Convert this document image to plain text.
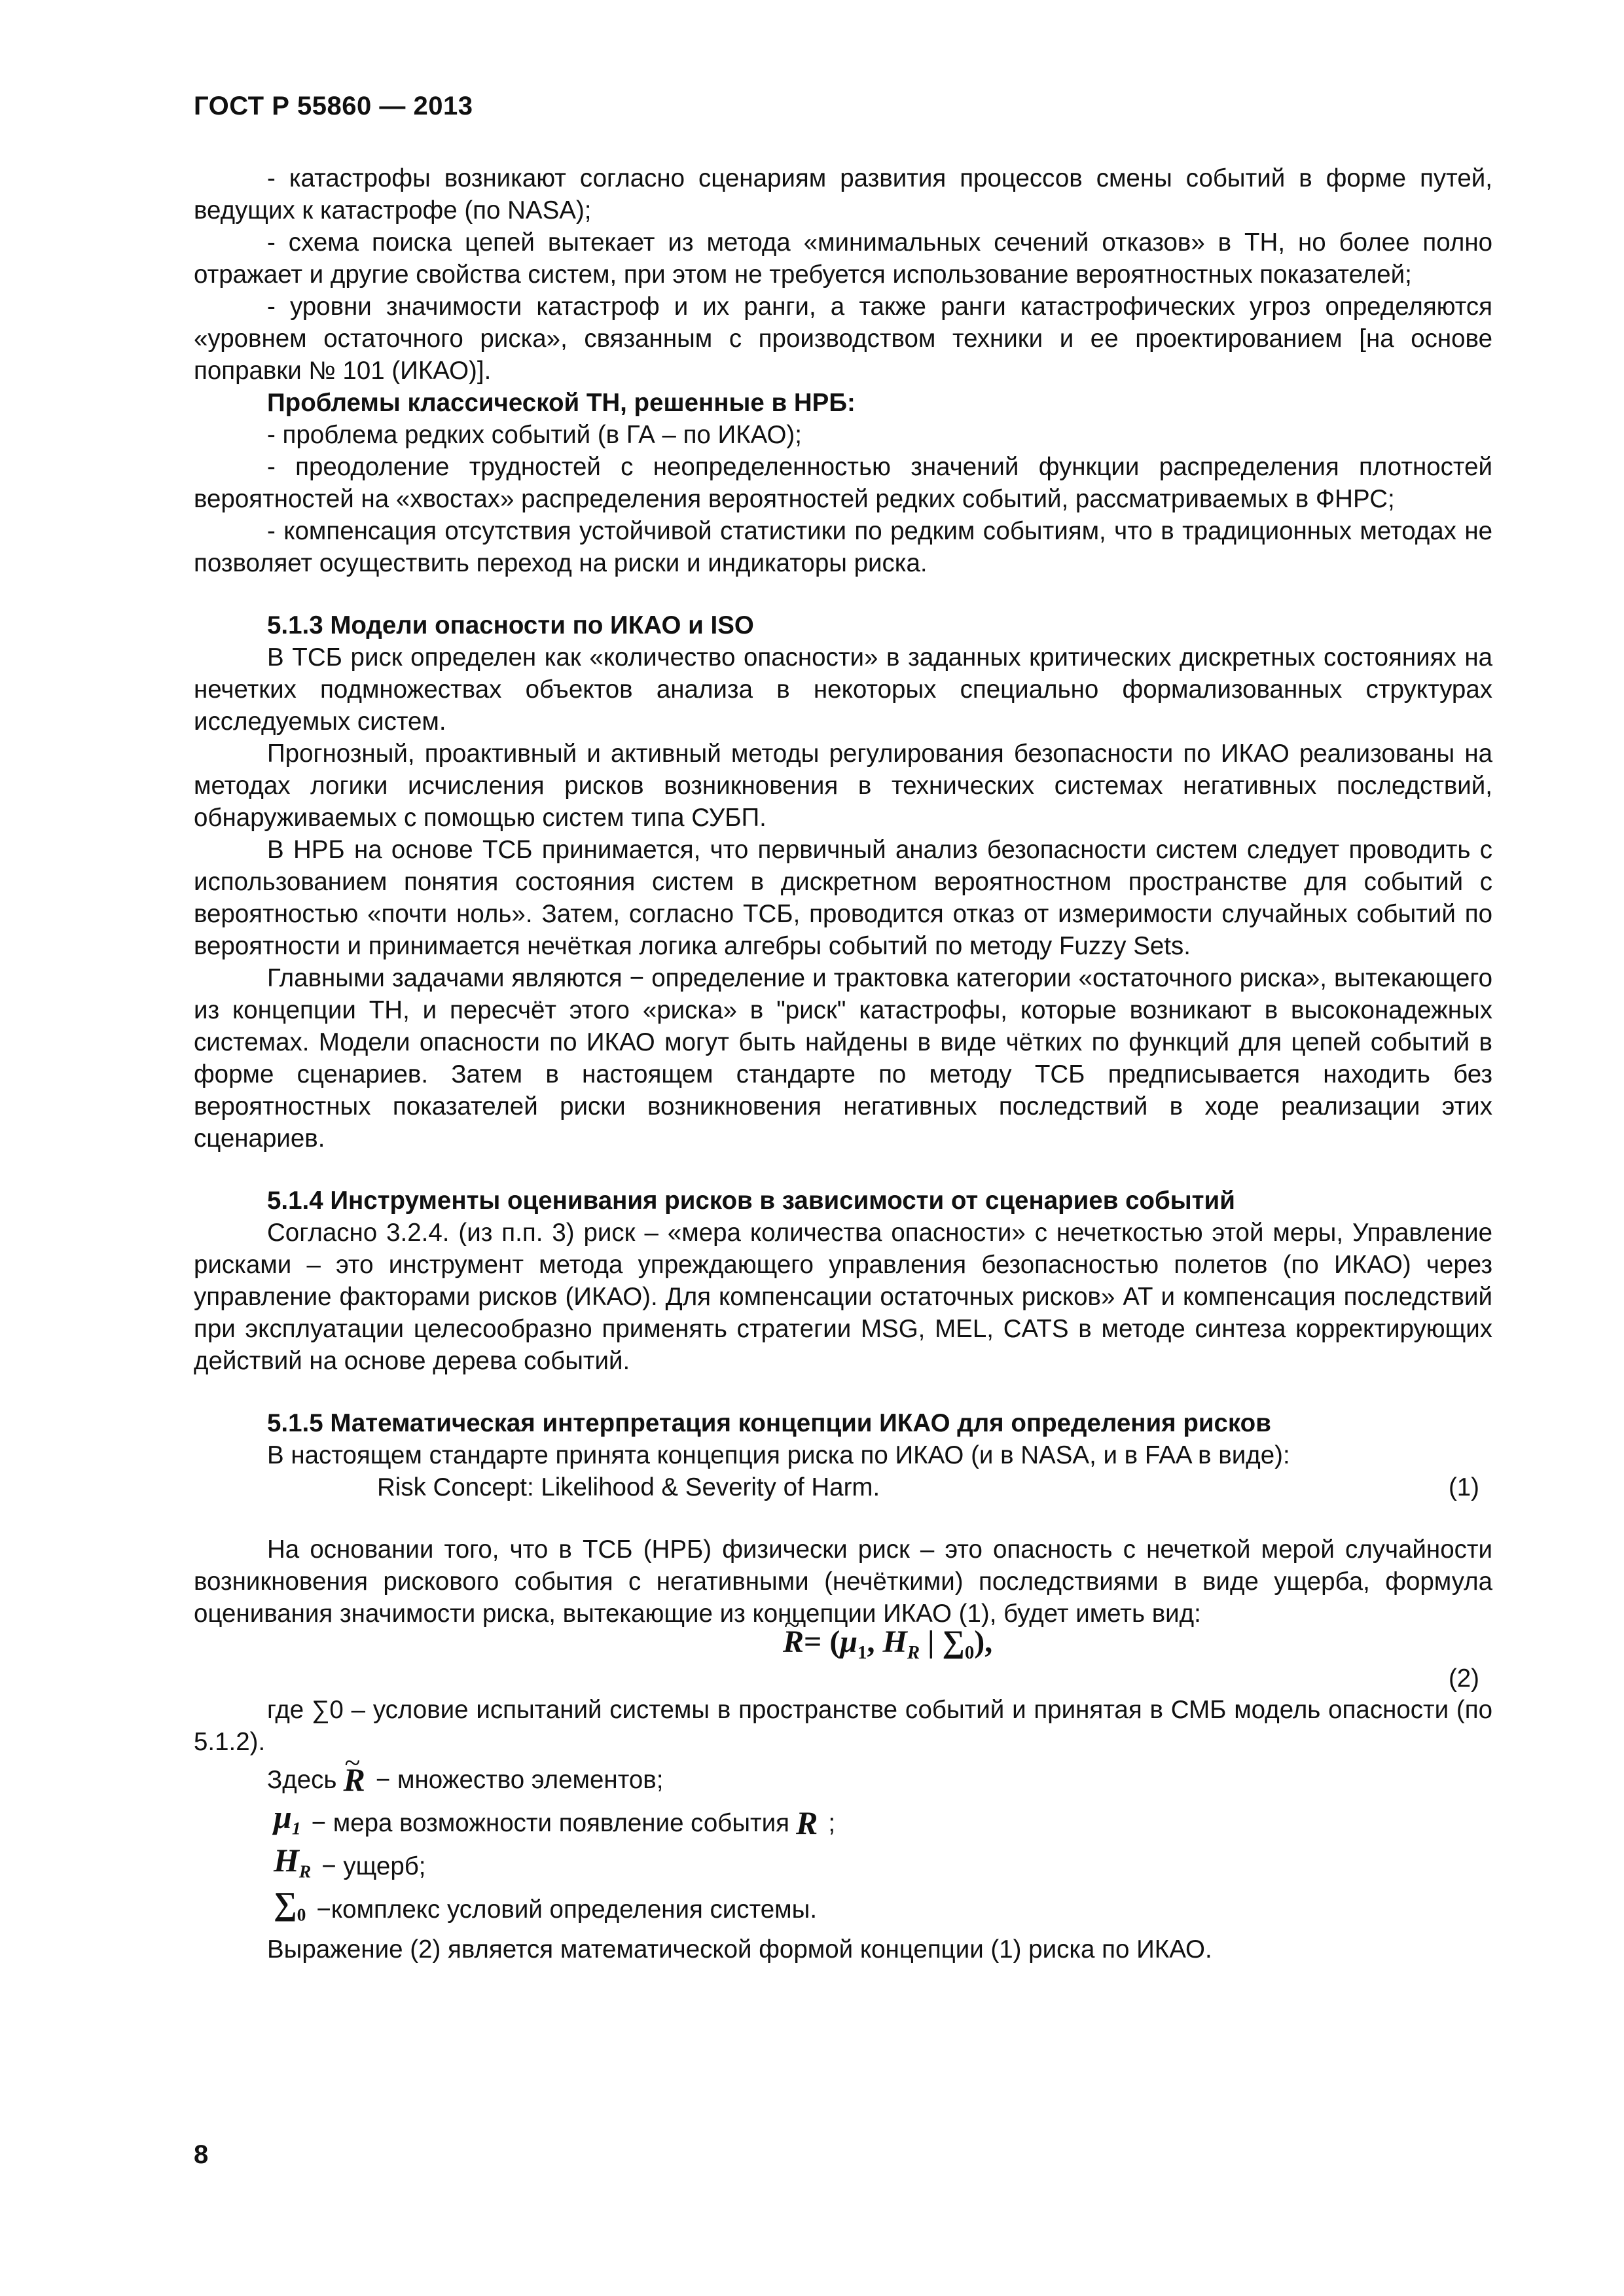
ГОСТ Р 55860 — 2013

- катастрофы возникают согласно сценариям развития процессов смены событий в форме путей, ведущих к катастрофе (по NASA);

- схема поиска цепей вытекает из метода «минимальных сечений отказов» в ТН, но более полно отражает и другие свойства систем, при этом не требуется использование вероятностных показателей;

- уровни значимости катастроф и их ранги, а также ранги катастрофических угроз определяются «уровнем остаточного риска», связанным с производством техники и ее проектированием [на основе поправки № 101 (ИКАО)].

Проблемы классической ТН, решенные в НРБ:

- проблема редких событий (в ГА – по ИКАО);

- преодоление трудностей с неопределенностью значений функции распределения плотностей вероятностей на «хвостах» распределения вероятностей редких событий, рассматриваемых в ФНРС;

- компенсация отсутствия устойчивой статистики по редким событиям, что в традиционных методах не позволяет осуществить переход на риски и индикаторы риска.

5.1.3 Модели опасности по ИКАО и ISO

В ТСБ риск определен как «количество опасности» в заданных критических дискретных состояниях на нечетких подмножествах объектов анализа в некоторых специально формализованных структурах исследуемых систем.

Прогнозный, проактивный и активный методы регулирования безопасности по ИКАО реализованы на методах логики исчисления рисков возникновения в технических системах негативных последствий, обнаруживаемых с помощью систем типа СУБП.

В НРБ на основе ТСБ принимается, что первичный анализ безопасности систем следует проводить с использованием понятия состояния систем в дискретном вероятностном пространстве для событий с вероятностью «почти ноль». Затем, согласно ТСБ, проводится отказ от измеримости случайных событий по вероятности и принимается нечёткая логика алгебры событий по методу Fuzzy Sets.

Главными задачами являются − определение и трактовка категории «остаточного риска», вытекающего из концепции ТН, и пересчёт этого «риска» в "риск" катастрофы, которые возникают в высоконадежных системах. Модели опасности по ИКАО могут быть найдены в виде чётких по функций для цепей событий в форме сценариев. Затем в настоящем стандарте по методу ТСБ предписывается находить без вероятностных показателей риски возникновения негативных последствий в ходе реализации этих сценариев.

5.1.4 Инструменты оценивания рисков в зависимости от сценариев событий

Согласно 3.2.4. (из п.п. 3) риск – «мера количества опасности» с нечеткостью этой меры, Управление рисками – это инструмент метода упреждающего управления безопасностью полетов (по ИКАО) через управление факторами рисков (ИКАО). Для компенсации остаточных рисков» АТ и компенсация последствий при эксплуатации целесообразно применять стратегии MSG, MEL, CATS в методе синтеза корректирующих действий на основе дерева событий.

5.1.5 Математическая интерпретация концепции ИКАО для определения рисков

В настоящем стандарте принята концепция риска по ИКАО (и в NASA, и в FAA в виде):

Risk Concept: Likelihood & Severity of Harm.	(1)

На основании того, что в ТСБ (НРБ) физически риск – это опасность с нечеткой мерой случайности возникновения рискового события с негативными (нечёткими) последствиями в виде ущерба, формула оценивания значимости риска, вытекающие из концепции ИКАО (1), будет иметь вид:

~ $R= (\mu_1$, $H_R$ | $\sum_0$),
(2)

где ∑0 – условие испытаний системы в пространстве событий и принятая в СМБ модель опасности (по 5.1.2).

Здесь
~ R − множество элементов;
$\mu_1$ − мера возможности появление события R ;
$H_R$ − ущерб;
$\sum_0$ −комплекс условий определения системы.
Выражение (2) является математической формой концепции (1) риска по ИКАО.
8
